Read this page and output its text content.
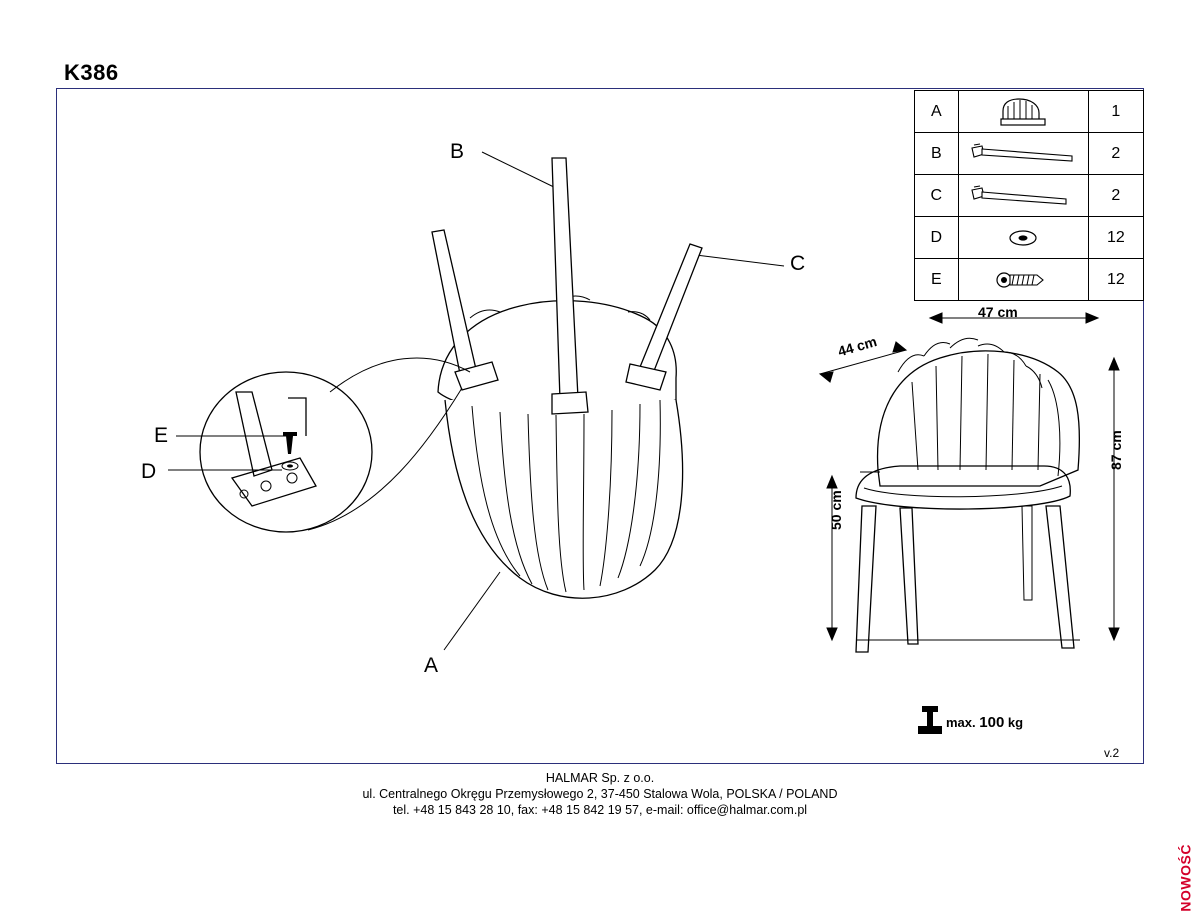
K386
A		1
B		2
C		2
D		12
E		12
B
C
A
D
E
47 cm
44 cm
87 cm
50 cm
max. 100 kg
v.2
HALMAR Sp. z o.o.
ul. Centralnego Okręgu Przemysłowego 2, 37-450 Stalowa Wola, POLSKA / POLAND
tel. +48 15 843 28 10, fax: +48 15 842 19 57, e-mail: office@halmar.com.pl
NOWOŚĆ
